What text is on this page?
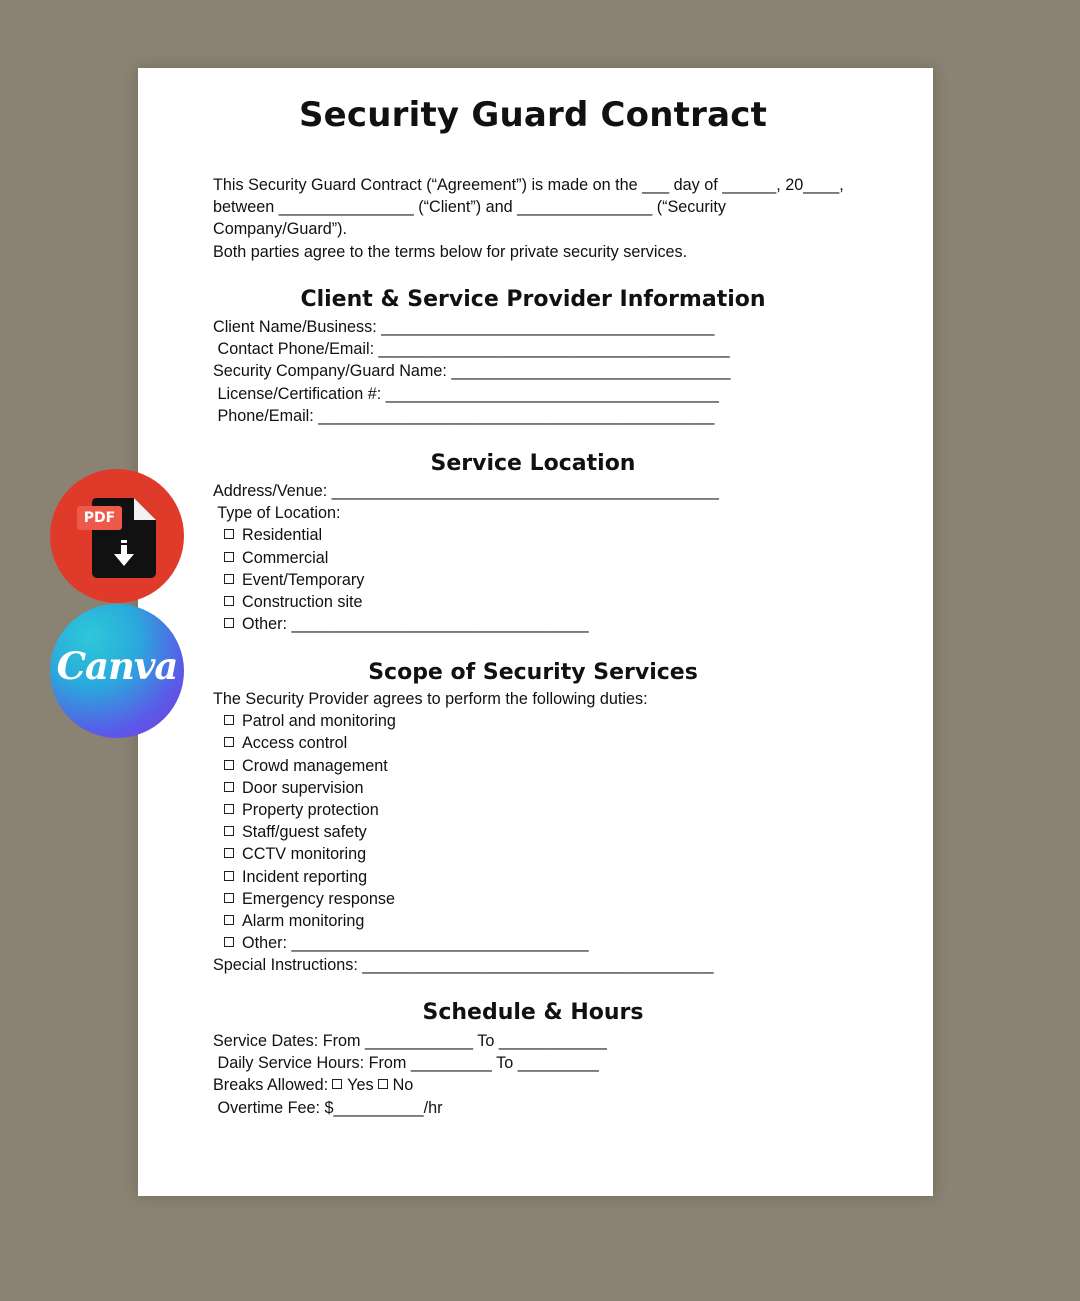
Security Guard Contract

This Security Guard Contract (“Agreement”) is made on the ___ day of ______, 20____,

between _______________ (“Client”) and _______________ (“Security

Company/Guard”).

Both parties agree to the terms below for private security services.

Client & Service Provider Information

Client Name/Business: _____________________________________

Contact Phone/Email: _______________________________________

Security Company/Guard Name: _______________________________

License/Certification #: _____________________________________

Phone/Email: ____________________________________________

Service Location

Address/Venue: ___________________________________________

Type of Location:

Residential

Commercial

Event/Temporary

Construction site

Other: _________________________________

Scope of Security Services

The Security Provider agrees to perform the following duties:

Patrol and monitoring

Access control

Crowd management

Door supervision

Property protection

Staff/guest safety

CCTV monitoring

Incident reporting

Emergency response

Alarm monitoring

Other: _________________________________

Special Instructions: _______________________________________

Schedule & Hours

Service Dates: From ____________ To ____________

Daily Service Hours: From _________ To _________

Breaks Allowed: Yes No

Overtime Fee: $__________/hr

PDF
Canva
